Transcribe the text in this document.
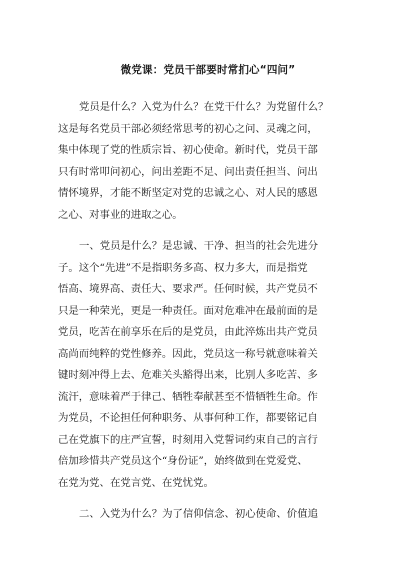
微党课：党员干部要时常扪心“四问”
党员是什么？入党为什么？在党干什么？为党留什么？
这是每名党员干部必须经常思考的初心之问、灵魂之问，
集中体现了党的性质宗旨、初心使命。新时代，党员干部
只有时常叩问初心，问出差距不足、问出责任担当、问出
情怀境界，才能不断坚定对党的忠诚之心、对人民的感恩
之心、对事业的进取之心。
一、党员是什么？是忠诚、干净、担当的社会先进分
子。这个“先进”不是指职务多高、权力多大，而是指党
悟高、境界高、责任大、要求严。任何时候，共产党员不
只是一种荣光，更是一种责任。面对危难冲在最前面的是
党员，吃苦在前享乐在后的是党员，由此淬炼出共产党员
高尚而纯粹的党性修养。因此，党员这一称号就意味着关
键时刻冲得上去、危难关头豁得出来，比别人多吃苦、多
流汗，意味着严于律己、牺牲奉献甚至不惜牺牲生命。作
为党员，不论担任何种职务、从事何种工作，都要铭记自
己在党旗下的庄严宣誓，时刻用入党誓词约束自己的言行
倍加珍惜共产党员这个“身份证”，始终做到在党爱党、
在党为党、在党言党、在党忧党。
二、入党为什么？为了信仰信念、初心使命、价值追
